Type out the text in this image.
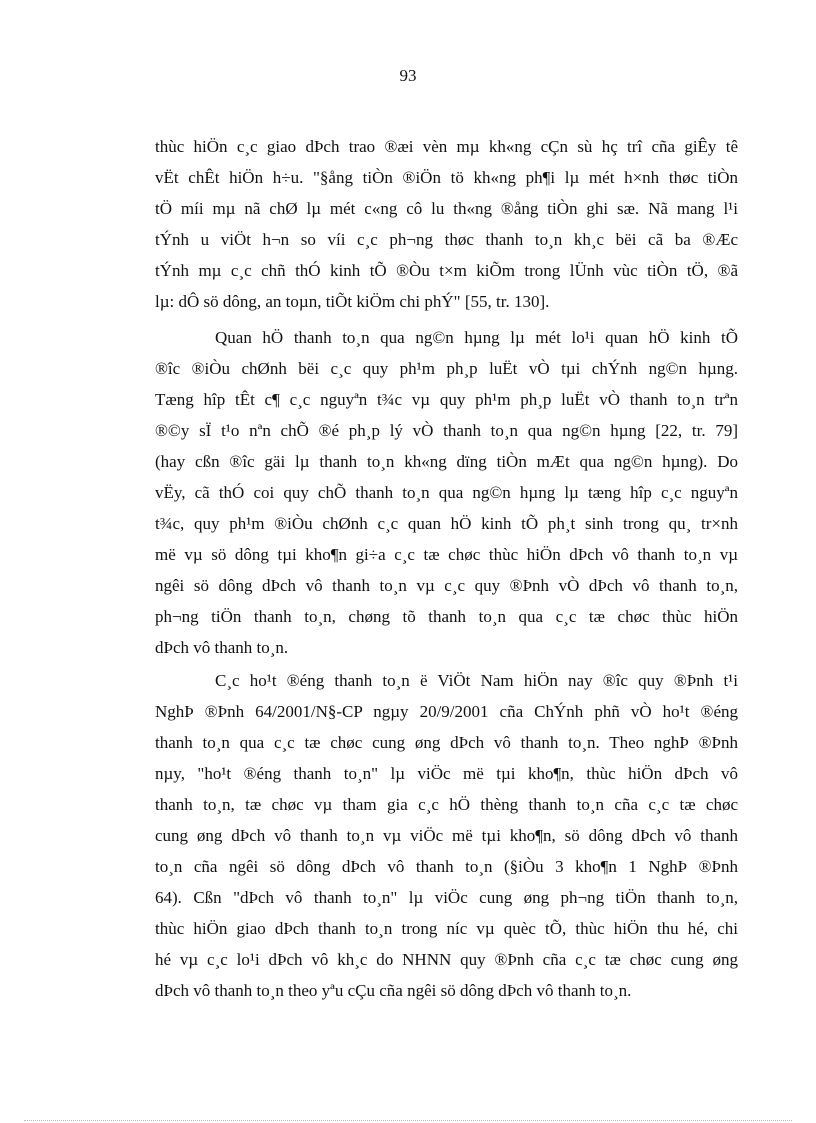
93
thùc hiÖn c¸c giao dÞch trao ®æi vèn mµ kh«ng cÇn sù hç trî cña giÊy tê
vËt chÊt hiÖn h÷u. "§ång tiÒn ®iÖn tö kh«ng ph¶i lµ mét h×nh thøc tiÒn
tÖ míi mµ nã chØ lµ mét c«ng cô lu th«ng ®ång tiÒn ghi sæ. Nã mang l¹i
tÝnh u viÖt h¬n so víi c¸c ph¬ng thøc thanh to¸n kh¸c bëi cã ba ®Æc
tÝnh mµ c¸c chñ thÓ kinh tÕ ®Òu t×m kiÕm trong lÜnh vùc tiÒn tÖ, ®ã
lµ: dÔ sö dông, an toµn, tiÕt kiÖm chi phÝ" [55, tr. 130].
Quan hÖ thanh to¸n qua ng©n hµng lµ mét lo¹i quan hÖ kinh tÕ
®îc ®iÒu chØnh bëi c¸c quy ph¹m ph¸p luËt vÒ tµi chÝnh ng©n hµng.
Tæng hîp tÊt c¶ c¸c nguyªn t¾c vµ quy ph¹m ph¸p luËt vÒ thanh to¸n trªn
®©y sÏ t¹o nªn chÕ ®é ph¸p lý vÒ thanh to¸n qua ng©n hµng [22, tr. 79]
(hay cßn ®îc gäi lµ thanh to¸n kh«ng dïng tiÒn mÆt qua ng©n hµng). Do
vËy, cã thÓ coi quy chÕ thanh to¸n qua ng©n hµng lµ tæng hîp c¸c nguyªn
t¾c, quy ph¹m ®iÒu chØnh c¸c quan hÖ kinh tÕ ph¸t sinh trong qu¸ tr×nh
më vµ sö dông tµi kho¶n gi÷a c¸c tæ chøc thùc hiÖn dÞch vô thanh to¸n vµ
ngêi sö dông dÞch vô thanh to¸n vµ c¸c quy ®Þnh vÒ dÞch vô thanh to¸n,
ph¬ng tiÖn thanh to¸n, chøng tõ thanh to¸n qua c¸c tæ chøc thùc hiÖn
dÞch vô thanh to¸n.
C¸c ho¹t ®éng thanh to¸n ë ViÖt Nam hiÖn nay ®îc quy ®Þnh t¹i
NghÞ ®Þnh 64/2001/N§-CP ngµy 20/9/2001 cña ChÝnh phñ vÒ ho¹t ®éng
thanh to¸n qua c¸c tæ chøc cung øng dÞch vô thanh to¸n. Theo nghÞ ®Þnh
nµy, "ho¹t ®éng thanh to¸n" lµ viÖc më tµi kho¶n, thùc hiÖn dÞch vô
thanh to¸n, tæ chøc vµ tham gia c¸c hÖ thèng thanh to¸n cña c¸c tæ chøc
cung øng dÞch vô thanh to¸n vµ viÖc më tµi kho¶n, sö dông dÞch vô thanh
to¸n cña ngêi sö dông dÞch vô thanh to¸n (§iÒu 3 kho¶n 1 NghÞ ®Þnh
64). Cßn "dÞch vô thanh to¸n" lµ viÖc cung øng ph¬ng tiÖn thanh to¸n,
thùc hiÖn giao dÞch thanh to¸n trong níc vµ quèc tÕ, thùc hiÖn thu hé, chi
hé vµ c¸c lo¹i dÞch vô kh¸c do NHNN quy ®Þnh cña c¸c tæ chøc cung øng
dÞch vô thanh to¸n theo yªu cÇu cña ngêi sö dông dÞch vô thanh to¸n.
